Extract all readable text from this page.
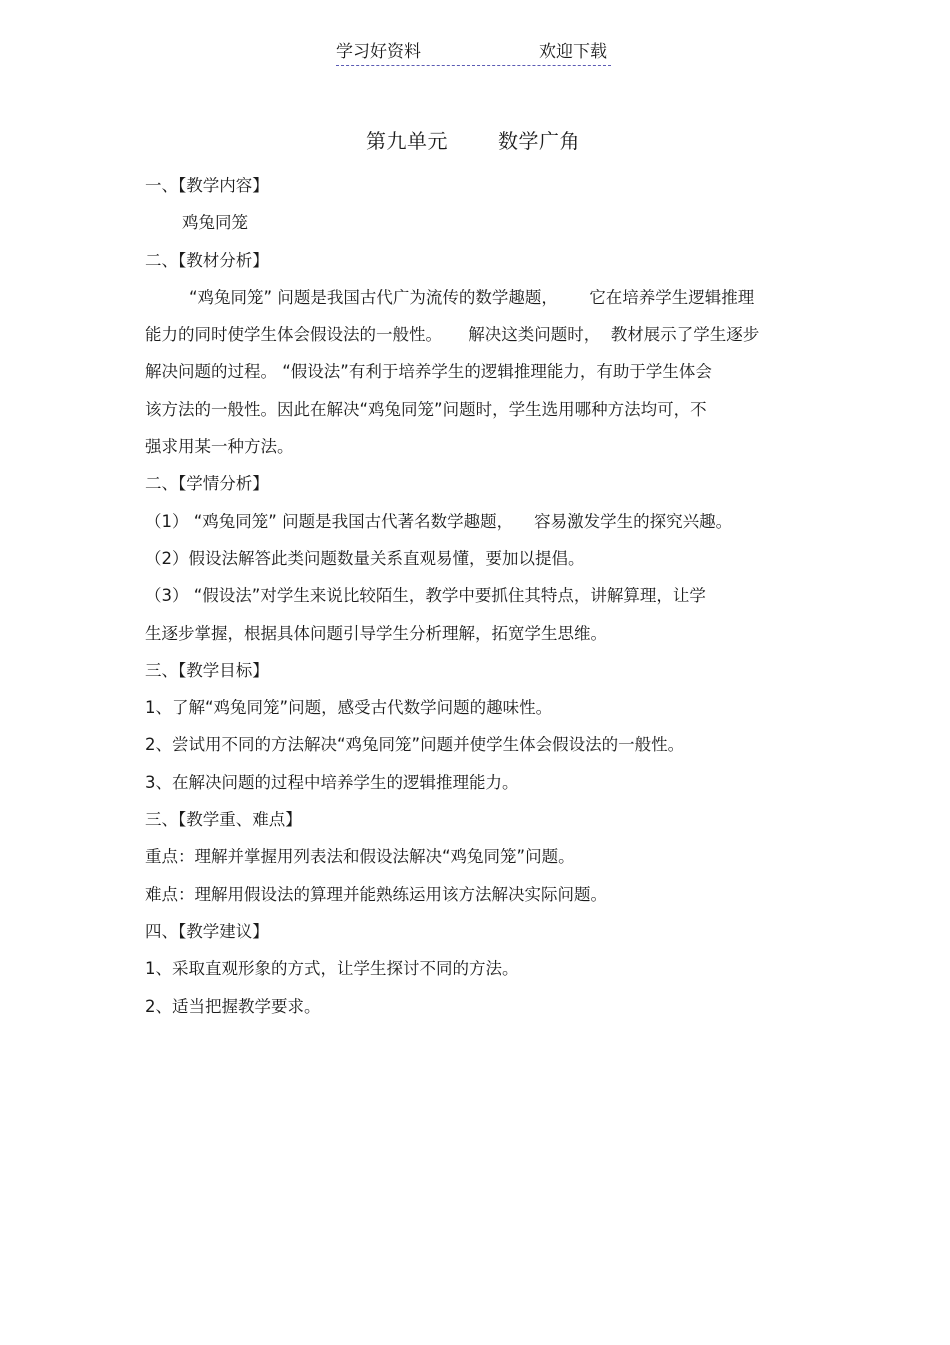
学习好资料	欢迎下载
第九单元	数学广角
一、【教学内容】
鸡兔同笼
二、【教材分析】
“鸡兔同笼” 问题是我国古代广为流传的数学趣题，      它在培养学生逻辑推理
能力的同时使学生体会假设法的一般性。     解决这类问题时，  教材展示了学生逐步
解决问题的过程。 “假设法”有利于培养学生的逻辑推理能力，有助于学生体会
该方法的一般性。因此在解决“鸡兔同笼”问题时，学生选用哪种方法均可，不
强求用某一种方法。
二、【学情分析】
（1） “鸡兔同笼” 问题是我国古代著名数学趣题，    容易激发学生的探究兴趣。
（2）假设法解答此类问题数量关系直观易懂，要加以提倡。
（3） “假设法”对学生来说比较陌生，教学中要抓住其特点，讲解算理，让学
生逐步掌握，根据具体问题引导学生分析理解，拓宽学生思维。
三、【教学目标】
1、了解“鸡兔同笼”问题，感受古代数学问题的趣味性。
2、尝试用不同的方法解决“鸡兔同笼”问题并使学生体会假设法的一般性。
3、在解决问题的过程中培养学生的逻辑推理能力。
三、【教学重、难点】
重点：理解并掌握用列表法和假设法解决“鸡兔同笼”问题。
难点：理解用假设法的算理并能熟练运用该方法解决实际问题。
四、【教学建议】
1、采取直观形象的方式，让学生探讨不同的方法。
2、适当把握教学要求。
